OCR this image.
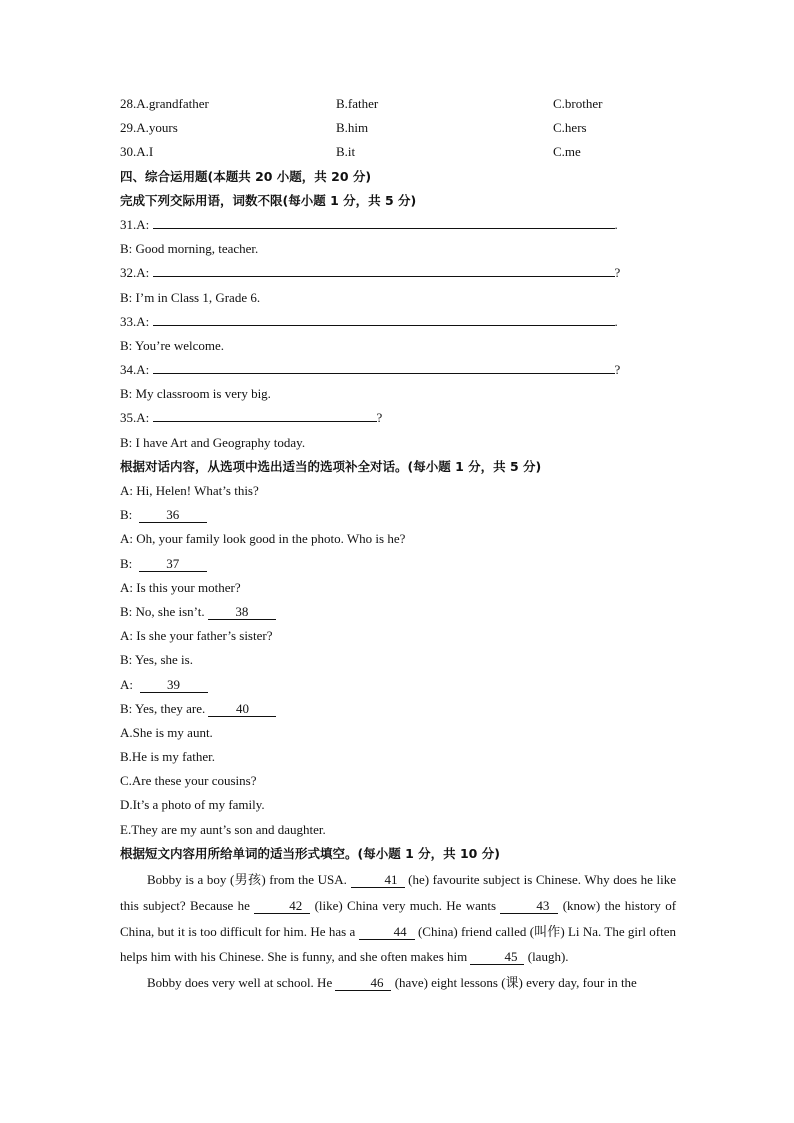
28.A.grandfather	B.father	C.brother
29.A.yours	B.him	C.hers
30.A.I	B.it	C.me
四、综合运用题(本题共 20 小题，共 20 分)
完成下列交际用语，词数不限(每小题 1 分，共 5 分)
31.A:	.
B: Good morning, teacher.
32.A:	?
B: I’m in Class 1, Grade 6.
33.A:	.
B: You’re welcome.
34.A:	?
B: My classroom is very big.
35.A:	?
B: I have Art and Geography today.
根据对话内容，从选项中选出适当的选项补全对话。(每小题 1 分，共 5 分)
A: Hi, Helen! What’s this?
B:	36
A: Oh, your family look good in the photo. Who is he?
B:	37
A: Is this your mother?
B: No, she isn’t. 38
A: Is she your father’s sister?
B: Yes, she is.
A:	39
B: Yes, they are. 40
A.She is my aunt.
B.He is my father.
C.Are these your cousins?
D.It’s a photo of my family.
E.They are my aunt’s son and daughter.
根据短文内容用所给单词的适当形式填空。(每小题 1 分，共 10 分)
Bobby is a boy (男孩) from the USA.	41 (he) favourite subject is Chinese. Why does he like this subject? Because he	42 (like) China very much. He wants	43 (know) the history of China, but it is too difficult for him. He has a	44 (China) friend called (叫作) Li Na. The girl often helps him with his Chinese. She is funny, and she often makes him	45 (laugh).
Bobby does very well at school. He	46 (have) eight lessons (课) every day, four in the
